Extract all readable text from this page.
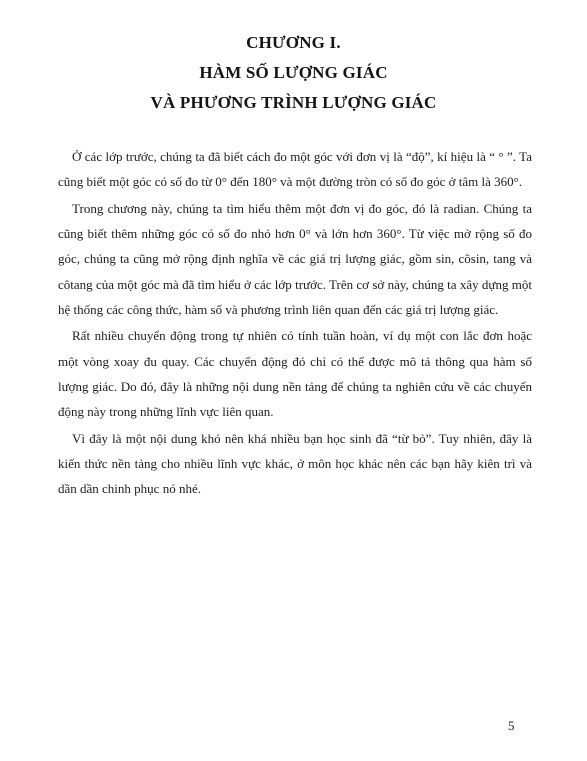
CHƯƠNG I.
HÀM SỐ LƯỢNG GIÁC
VÀ PHƯƠNG TRÌNH LƯỢNG GIÁC

Ở các lớp trước, chúng ta đã biết cách đo một góc với đơn vị là “độ”, kí hiệu là “ ° ”. Ta cũng biết một góc có số đo từ 0° đến 180° và một đường tròn có số đo góc ở tâm là 360°.

Trong chương này, chúng ta tìm hiểu thêm một đơn vị đo góc, đó là radian. Chúng ta cũng biết thêm những góc có số đo nhỏ hơn 0° và lớn hơn 360°. Từ việc mở rộng số đo góc, chúng ta cũng mở rộng định nghĩa về các giá trị lượng giác, gồm sin, côsin, tang và côtang của một góc mà đã tìm hiểu ở các lớp trước. Trên cơ sở này, chúng ta xây dựng một hệ thống các công thức, hàm số và phương trình liên quan đến các giá trị lượng giác.

Rất nhiều chuyển động trong tự nhiên có tính tuần hoàn, ví dụ một con lắc đơn hoặc một vòng xoay đu quay. Các chuyển động đó chỉ có thể được mô tả thông qua hàm số lượng giác. Do đó, đây là những nội dung nền tảng để chúng ta nghiên cứu về các chuyển động này trong những lĩnh vực liên quan.

Vì đây là một nội dung khó nên khá nhiều bạn học sinh đã “từ bỏ”. Tuy nhiên, đây là kiến thức nền tảng cho nhiều lĩnh vực khác, ở môn học khác nên các bạn hãy kiên trì và dần dần chinh phục nó nhé.

5
